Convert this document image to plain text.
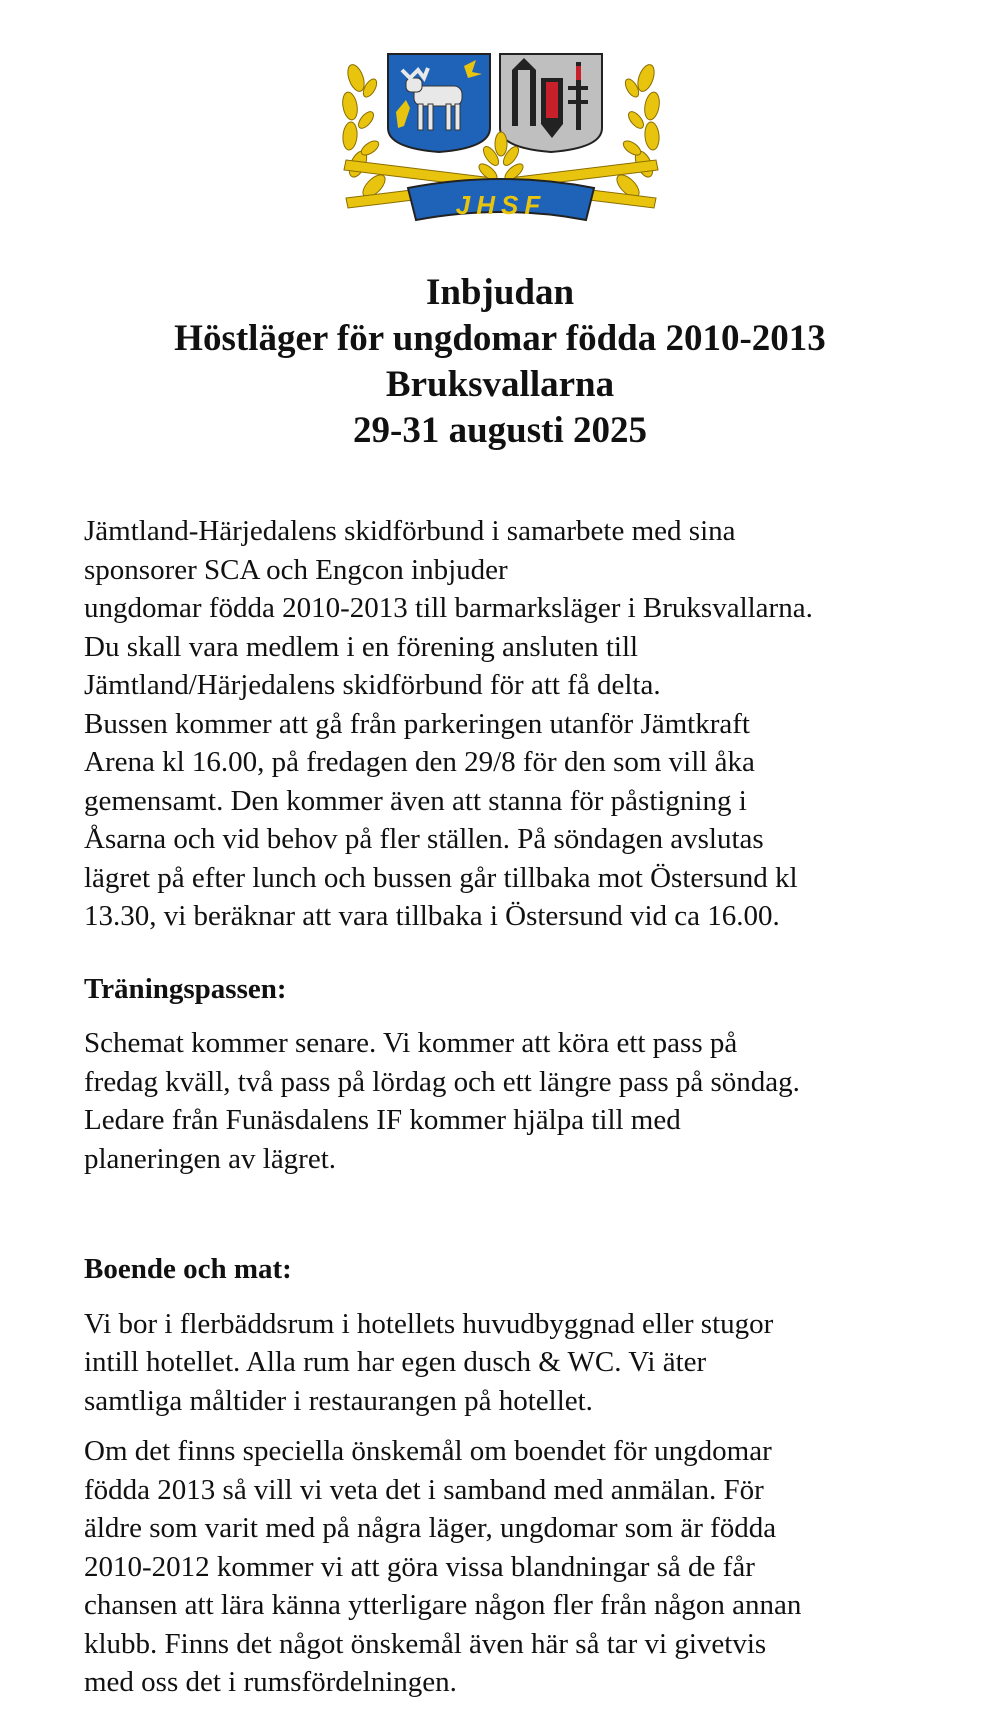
JHSF
Inbjudan
Höstläger för ungdomar födda 2010-2013
Bruksvallarna
29-31 augusti 2025

Jämtland-Härjedalens skidförbund i samarbete med sina
sponsorer SCA och Engcon inbjuder
ungdomar födda 2010-2013 till barmarksläger i Bruksvallarna.
Du skall vara medlem i en förening ansluten till
Jämtland/Härjedalens skidförbund för att få delta.
Bussen kommer att gå från parkeringen utanför Jämtkraft
Arena kl 16.00, på fredagen den 29/8 för den som vill åka
gemensamt. Den kommer även att stanna för påstigning i
Åsarna och vid behov på fler ställen. På söndagen avslutas
lägret på efter lunch och bussen går tillbaka mot Östersund kl
13.30, vi beräknar att vara tillbaka i Östersund vid ca 16.00.

Träningspassen:

Schemat kommer senare. Vi kommer att köra ett pass på
fredag kväll, två pass på lördag och ett längre pass på söndag.
Ledare från Funäsdalens IF kommer hjälpa till med
planeringen av lägret.

Boende och mat:

Vi bor i flerbäddsrum i hotellets huvudbyggnad eller stugor
intill hotellet. Alla rum har egen dusch & WC. Vi äter
samtliga måltider i restaurangen på hotellet.

Om det finns speciella önskemål om boendet för ungdomar
födda 2013 så vill vi veta det i samband med anmälan. För
äldre som varit med på några läger, ungdomar som är födda
2010-2012 kommer vi att göra vissa blandningar så de får
chansen att lära känna ytterligare någon fler från någon annan
klubb. Finns det något önskemål även här så tar vi givetvis
med oss det i rumsfördelningen.
